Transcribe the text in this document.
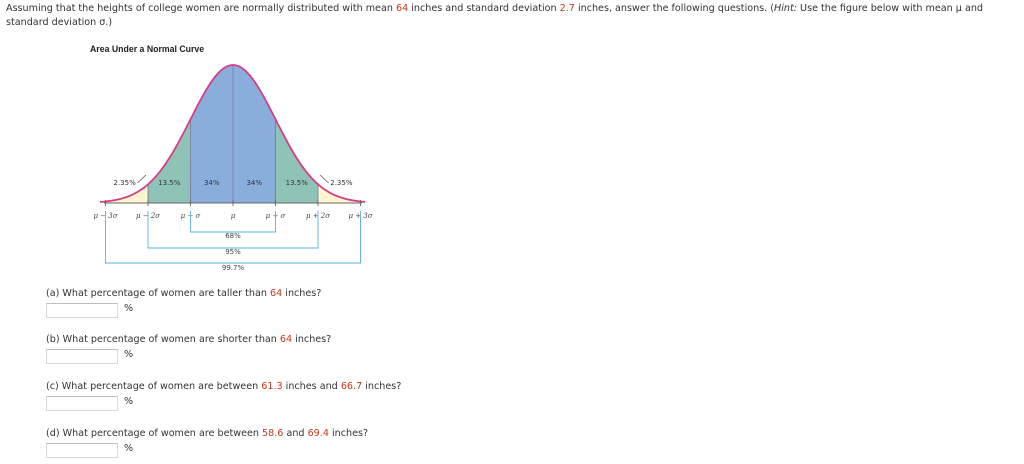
Assuming that the heights of college women are normally distributed with mean 64 inches and standard deviation 2.7 inches, answer the following questions. (Hint: Use the figure below with mean μ and standard deviation σ.)
Area Under a Normal Curve
μ − 3σ	μ − 2σ	μ − σ	μ	μ + σ	μ + 2σ	μ + 3σ
2.35%	13.5%	34%	34%	13.5%	2.35%
68%
95%
99.7%
(a) What percentage of women are taller than 64 inches?
%
(b) What percentage of women are shorter than 64 inches?
%
(c) What percentage of women are between 61.3 inches and 66.7 inches?
%
(d) What percentage of women are between 58.6 and 69.4 inches?
%
